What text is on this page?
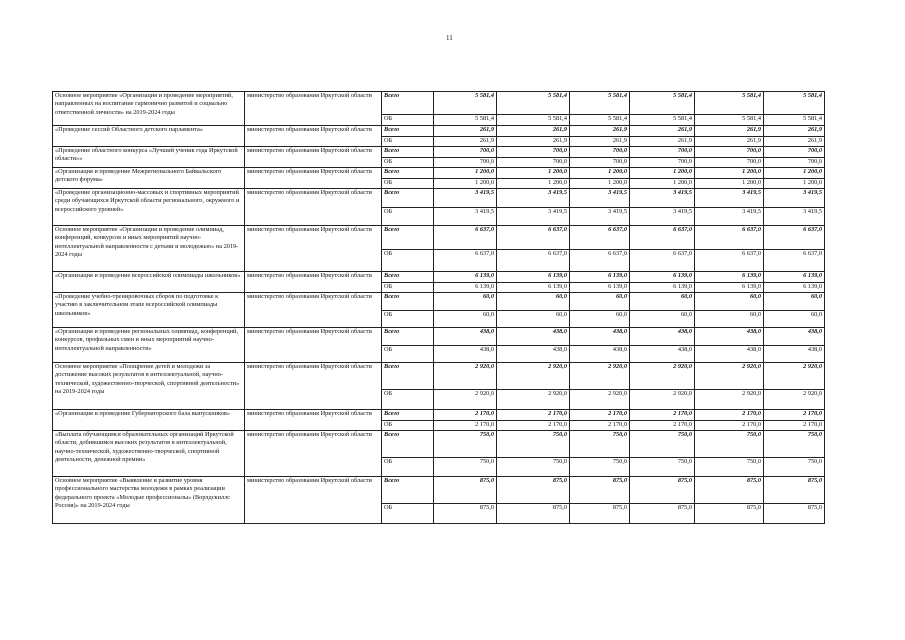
11
Основное мероприятие «Организация и проведение мероприятий, направленных на воспитание гармонично развитой и социально ответственной личности» на 2019-2024 годы	министерство образования Иркутской области	Всего	5 581,4	5 581,4	5 581,4	5 581,4	5 581,4	5 581,4
		ОБ	5 581,4	5 581,4	5 581,4	5 581,4	5 581,4	5 581,4
«Проведение сессий Областного детского парламента»	министерство образования Иркутской области	Всего	261,9	261,9	261,9	261,9	261,9	261,9
		ОБ	261,9	261,9	261,9	261,9	261,9	261,9
«Проведение областного конкурса «Лучший ученик года Иркутской области»»	министерство образования Иркутской области	Всего	700,0	700,0	700,0	700,0	700,0	700,0
		ОБ	700,0	700,0	700,0	700,0	700,0	700,0
«Организация и проведение Межрегионального Байкальского детского форума»	министерство образования Иркутской области	Всего	1 200,0	1 200,0	1 200,0	1 200,0	1 200,0	1 200,0
		ОБ	1 200,0	1 200,0	1 200,0	1 200,0	1 200,0	1 200,0
«Проведение организационно-массовых и спортивных мероприятий среди обучающихся Иркутской области регионального, окружного и всероссийского уровней»	министерство образования Иркутской области	Всего	3 419,5	3 419,5	3 419,5	3 419,5	3 419,5	3 419,5
		ОБ	3 419,5	3 419,5	3 419,5	3 419,5	3 419,5	3 419,5
Основное мероприятие «Организация и проведение олимпиад, конференций, конкурсов и иных мероприятий научно-интеллектуальной направленности с детьми и молодежью» на 2019-2024 годы	министерство образования Иркутской области	Всего	6 637,0	6 637,0	6 637,0	6 637,0	6 637,0	6 637,0
		ОБ	6 637,0	6 637,0	6 637,0	6 637,0	6 637,0	6 637,0
«Организация и проведение всероссийской олимпиады школьников»	министерство образования Иркутской области	Всего	6 139,0	6 139,0	6 139,0	6 139,0	6 139,0	6 139,0
		ОБ	6 139,0	6 139,0	6 139,0	6 139,0	6 139,0	6 139,0
«Проведение учебно-тренировочных сборов по подготовке к участию в заключительном этапе всероссийской олимпиады школьников»	министерство образования Иркутской области	Всего	60,0	60,0	60,0	60,0	60,0	60,0
		ОБ	60,0	60,0	60,0	60,0	60,0	60,0
«Организация и проведение региональных олимпиад, конференций, конкурсов, профильных смен и иных мероприятий научно-интеллектуальной направленности»	министерство образования Иркутской области	Всего	438,0	438,0	438,0	438,0	438,0	438,0
		ОБ	438,0	438,0	438,0	438,0	438,0	438,0
Основное мероприятие «Поощрение детей и молодежи за достижение высоких результатов в интеллектуальной, научно-технической, художественно-творческой, спортивной деятельности» на 2019-2024 годы	министерство образования Иркутской области	Всего	2 920,0	2 920,0	2 920,0	2 920,0	2 920,0	2 920,0
		ОБ	2 920,0	2 920,0	2 920,0	2 920,0	2 920,0	2 920,0
«Организация и проведение Губернаторского бала выпускников»	министерство образования Иркутской области	Всего	2 170,0	2 170,0	2 170,0	2 170,0	2 170,0	2 170,0
		ОБ	2 170,0	2 170,0	2 170,0	2 170,0	2 170,0	2 170,0
«Выплата обучающимся образовательных организаций Иркутской области, добившимся высоких результатов в интеллектуальной, научно-технической, художественно-творческой, спортивной деятельности, денежной премии»	министерство образования Иркутской области	Всего	750,0	750,0	750,0	750,0	750,0	750,0
		ОБ	750,0	750,0	750,0	750,0	750,0	750,0
Основное мероприятие «Выявление и развитие уровня профессионального мастерства молодежи в рамках реализации федерального проекта «Молодые профессионалы» (Ворлдскиллс Россия)» на 2019-2024 годы	министерство образования Иркутской области	Всего	875,0	875,0	875,0	875,0	875,0	875,0
		ОБ	875,0	875,0	875,0	875,0	875,0	875,0
